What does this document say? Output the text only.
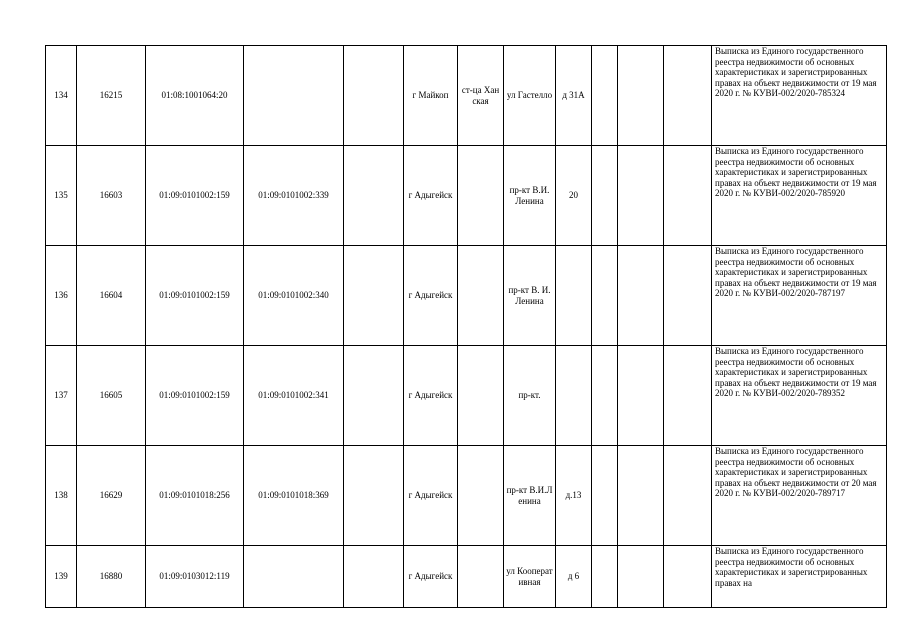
134	16215	01:08:1001064:20			г Майкоп	ст-ца Ханская	ул Гастелло	д 31А				Выписка из Единого государственного реестра недвижимости об основных характеристиках и зарегистрированных правах на объект недвижимости от 19 мая 2020 г. № КУВИ-002/2020-785324
135	16603	01:09:0101002:159	01:09:0101002:339		г Адыгейск		пр-кт В.И. Ленина	20				Выписка из Единого государственного реестра недвижимости об основных характеристиках и зарегистрированных правах на объект недвижимости от 19 мая 2020 г. № КУВИ-002/2020-785920
136	16604	01:09:0101002:159	01:09:0101002:340		г Адыгейск		пр-кт В. И. Ленина					Выписка из Единого государственного реестра недвижимости об основных характеристиках и зарегистрированных правах на объект недвижимости от 19 мая 2020 г. № КУВИ-002/2020-787197
137	16605	01:09:0101002:159	01:09:0101002:341		г Адыгейск		пр-кт.					Выписка из Единого государственного реестра недвижимости об основных характеристиках и зарегистрированных правах на объект недвижимости от 19 мая 2020 г. № КУВИ-002/2020-789352
138	16629	01:09:0101018:256	01:09:0101018:369		г Адыгейск		пр-кт В.И.Ленина	д.13				Выписка из Единого государственного реестра недвижимости об основных характеристиках и зарегистрированных правах на объект недвижимости от 20 мая 2020 г. № КУВИ-002/2020-789717
139	16880	01:09:0103012:119			г Адыгейск		ул Кооперативная	д 6				Выписка из Единого государственного реестра недвижимости об основных характеристиках и зарегистрированных правах на
